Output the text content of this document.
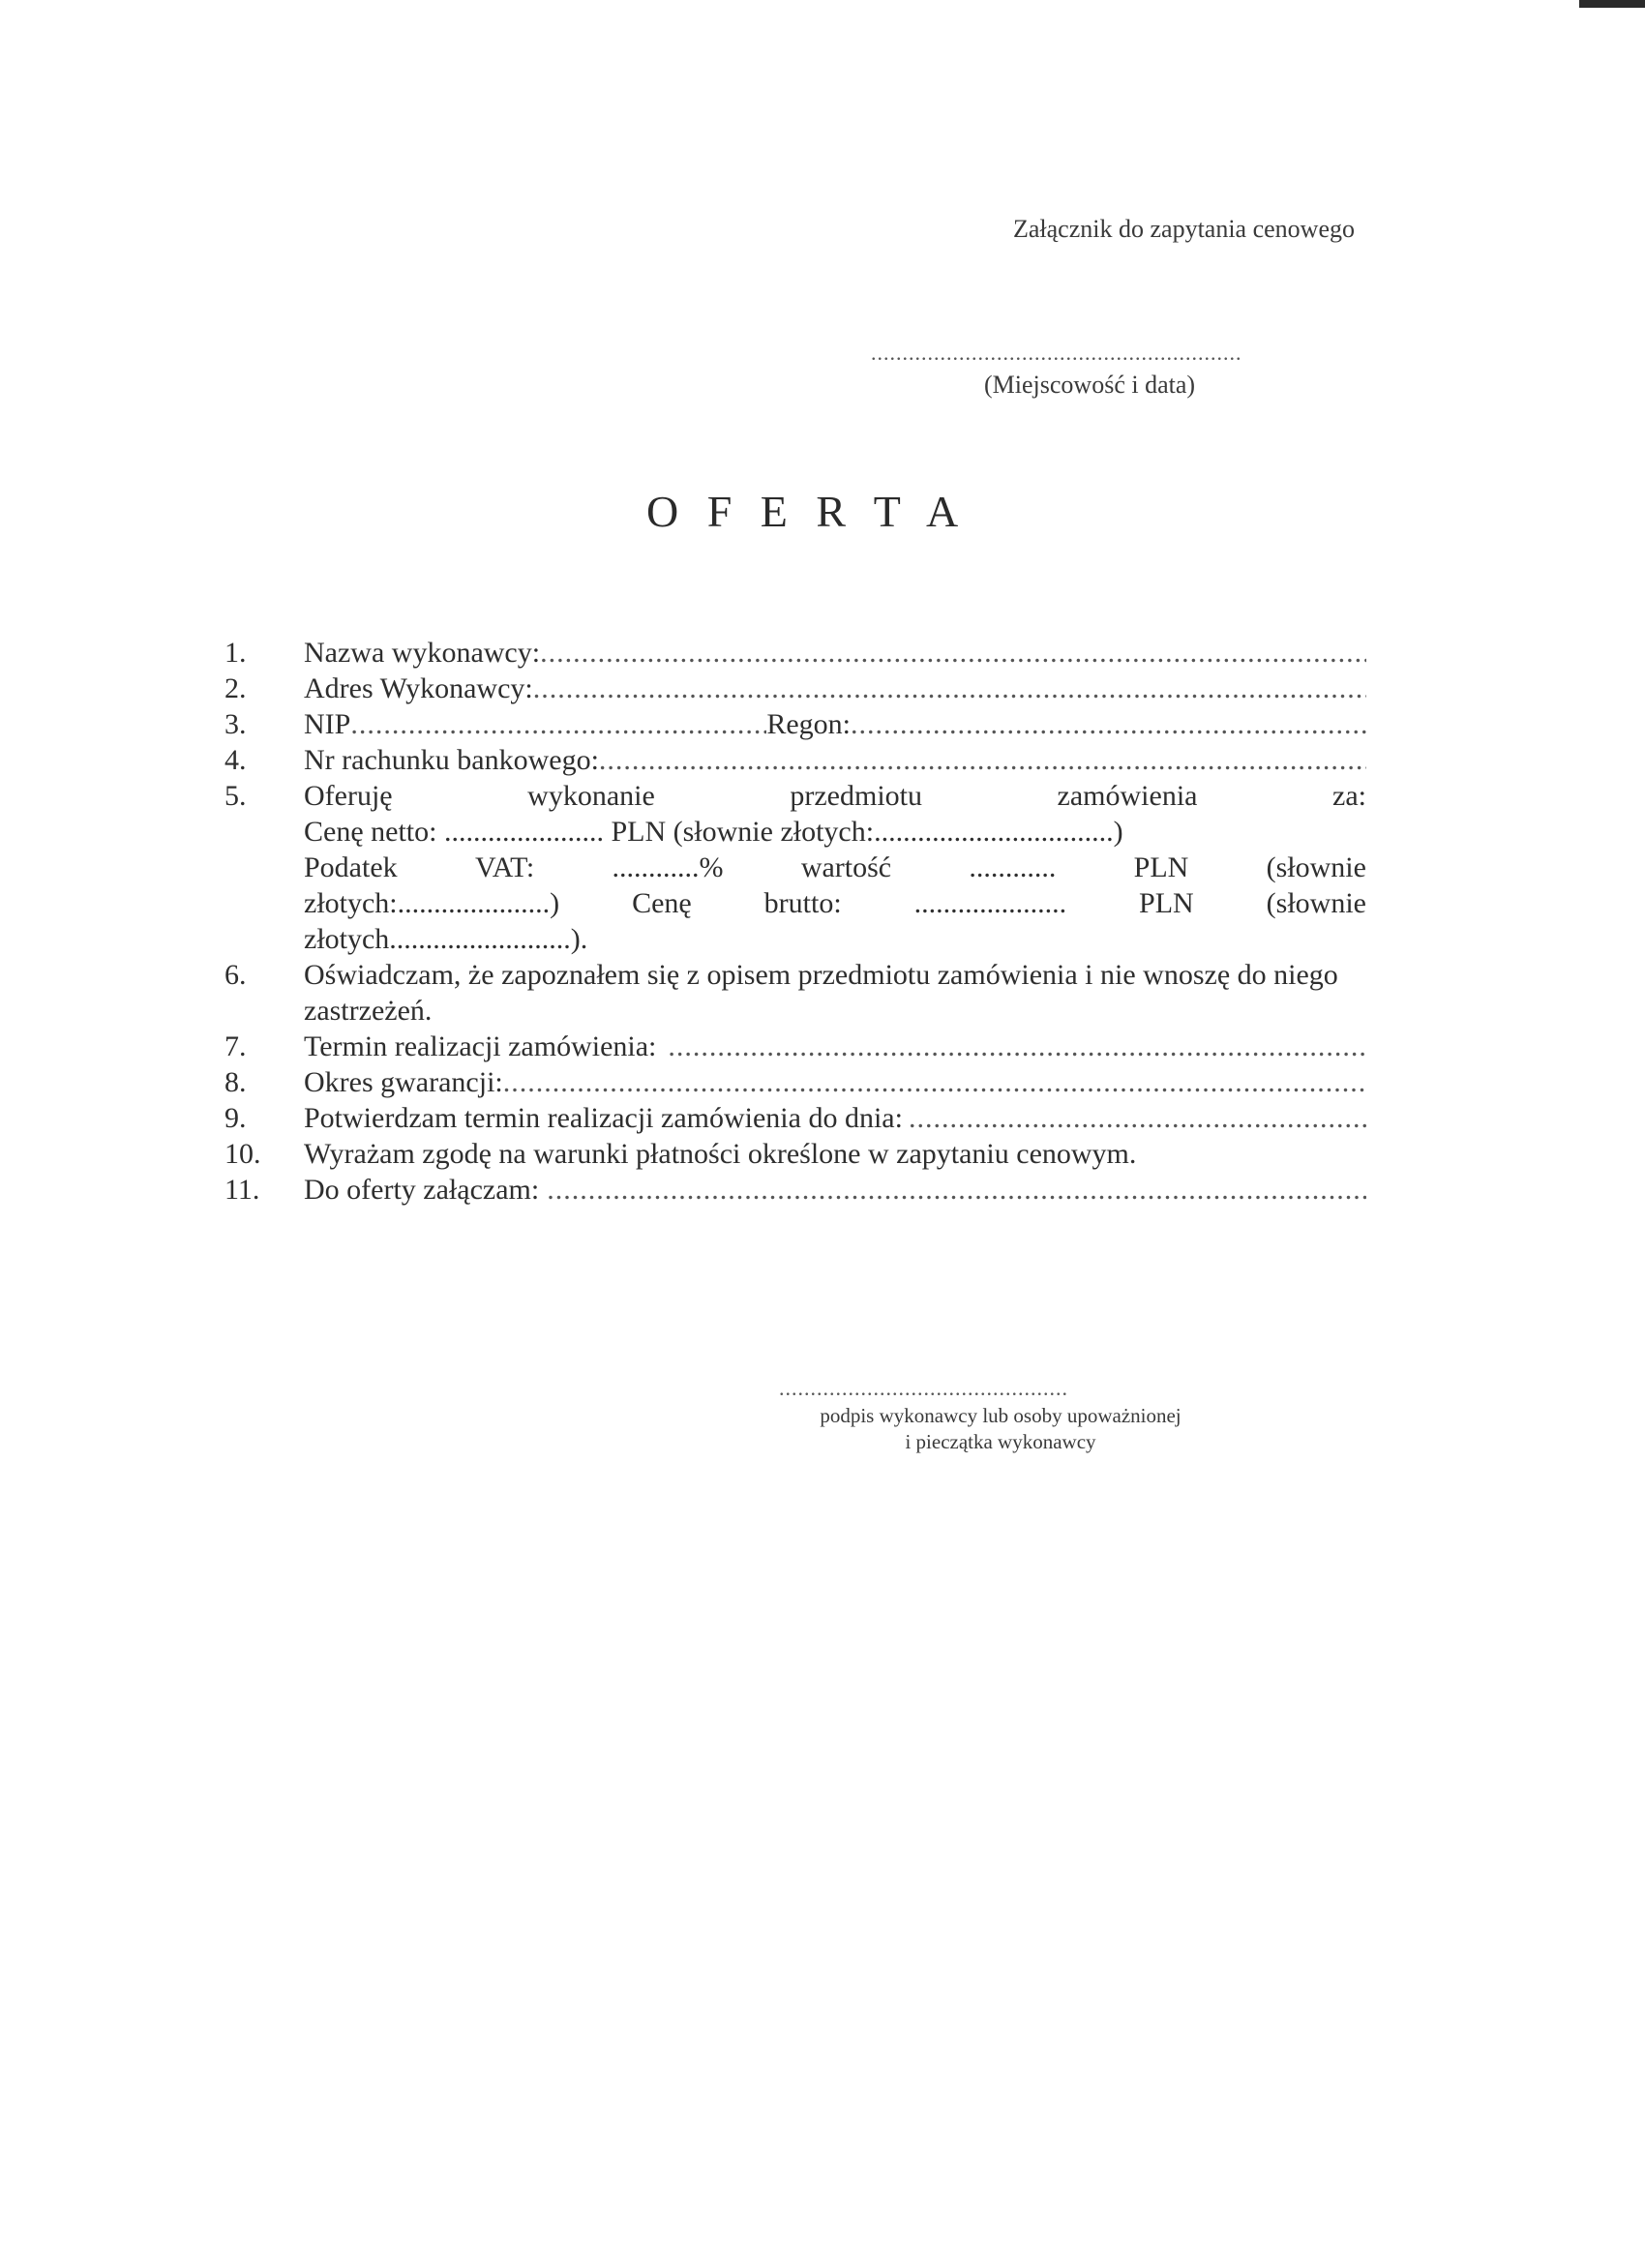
Załącznik do zapytania cenowego
...........................................................
(Miejscowość i data)
O F E R T A
1.	Nazwa wykonawcy:
.....
2.	Adres Wykonawcy:
.....
3.	NIP
.....	Regon:
.....
4.	Nr rachunku bankowego:
.....
5.	Oferuję	wykonanie	przedmiotu	zamówienia	za:
Cenę netto: ...................... PLN (słownie złotych:.................................)
Podatek	VAT:	............%	wartość	............	PLN	(słownie
złotych:.....................) Cenę brutto: ..................... PLN (słownie
złotych.........................).
6.	Oświadczam, że zapoznałem się z opisem przedmiotu zamówienia i nie wnoszę do niego zastrzeżeń.
7.	Termin realizacji zamówienia:
.....
8.	Okres gwarancji:
.....
9.	Potwierdzam termin realizacji zamówienia do dnia:
.....
10.	Wyrażam zgodę na warunki płatności określone w zapytaniu cenowym.
11.	Do oferty załączam:
.....
..............................................
podpis wykonawcy lub osoby upoważnionej
i pieczątka wykonawcy
